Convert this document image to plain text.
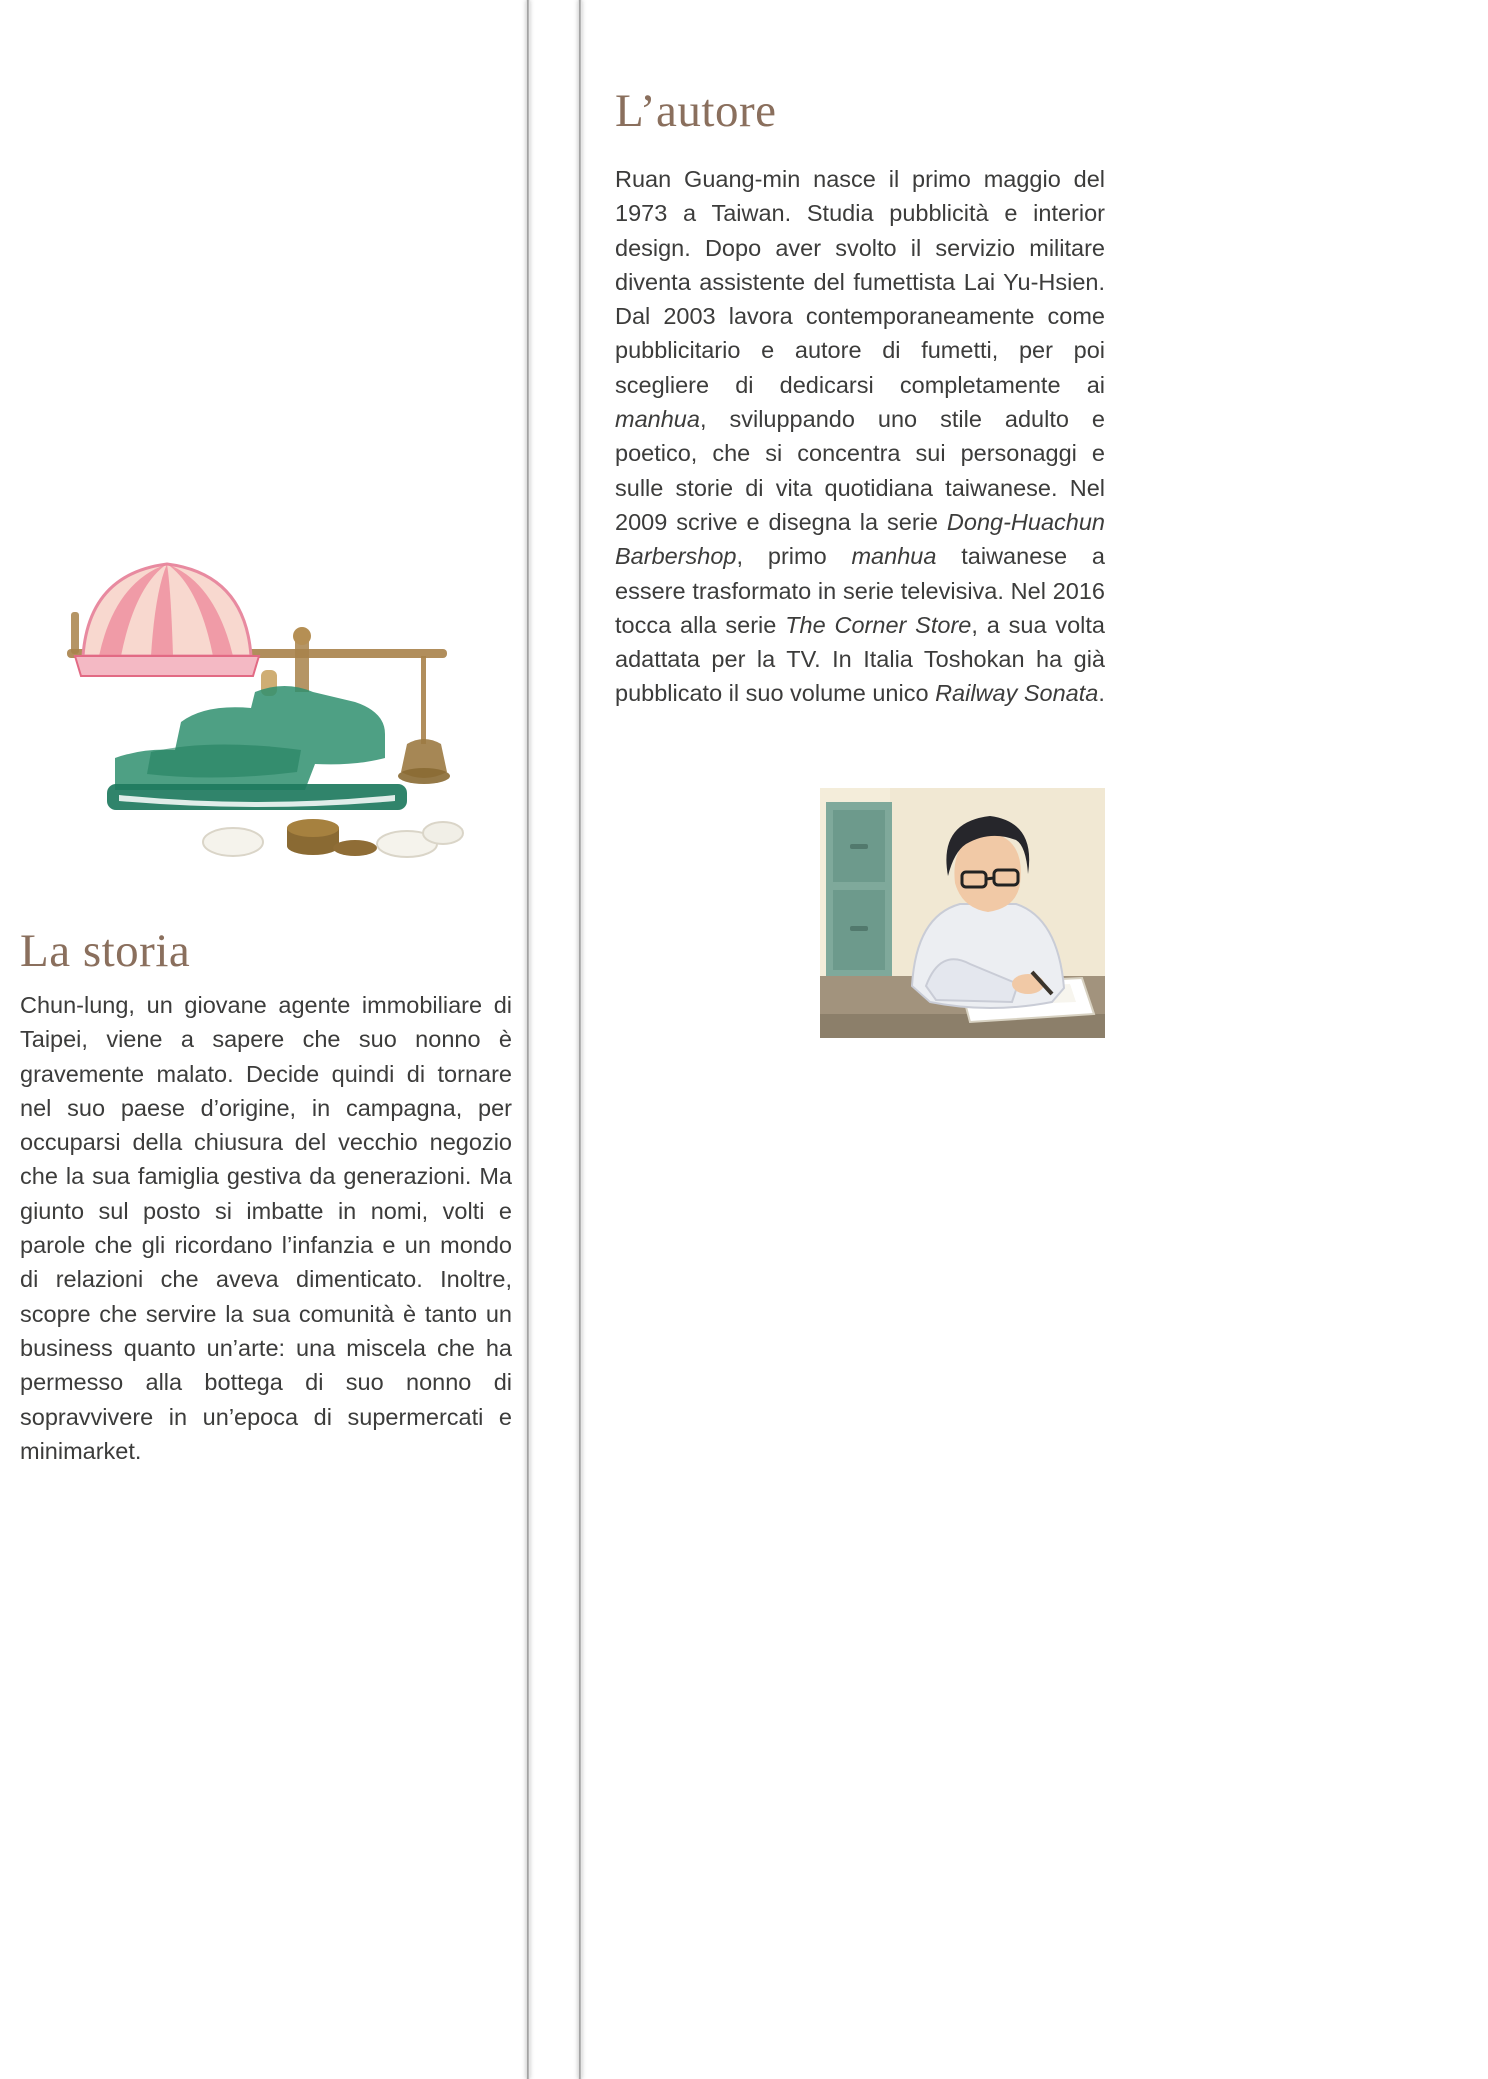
La storia

Chun-lung, un giovane agente immobiliare di Taipei, viene a sapere che suo nonno è gravemente malato. Decide quindi di tornare nel suo paese d’origine, in campagna, per occuparsi della chiusura del vecchio negozio che la sua famiglia gestiva da generazioni. Ma giunto sul posto si imbatte in nomi, volti e parole che gli ricordano l’infanzia e un mondo di relazioni che aveva dimenticato. Inoltre, scopre che servire la sua comunità è tanto un business quanto un’arte: una miscela che ha permesso alla bottega di suo nonno di sopravvivere in un’epoca di supermercati e minimarket.

L’autore

Ruan Guang-min nasce il primo maggio del 1973 a Taiwan. Studia pubblicità e interior design. Dopo aver svolto il servizio militare diventa assistente del fumettista Lai Yu-Hsien. Dal 2003 lavora contemporaneamente come pubblicitario e autore di fumetti, per poi scegliere di dedicarsi completamente ai manhua, sviluppando uno stile adulto e poetico, che si concentra sui personaggi e sulle storie di vita quotidiana taiwanese. Nel 2009 scrive e disegna la serie Dong-Huachun Barbershop, primo manhua taiwanese a essere trasformato in serie televisiva. Nel 2016 tocca alla serie The Corner Store, a sua volta adattata per la TV. In Italia Toshokan ha già pubblicato il suo volume unico Railway Sonata.
